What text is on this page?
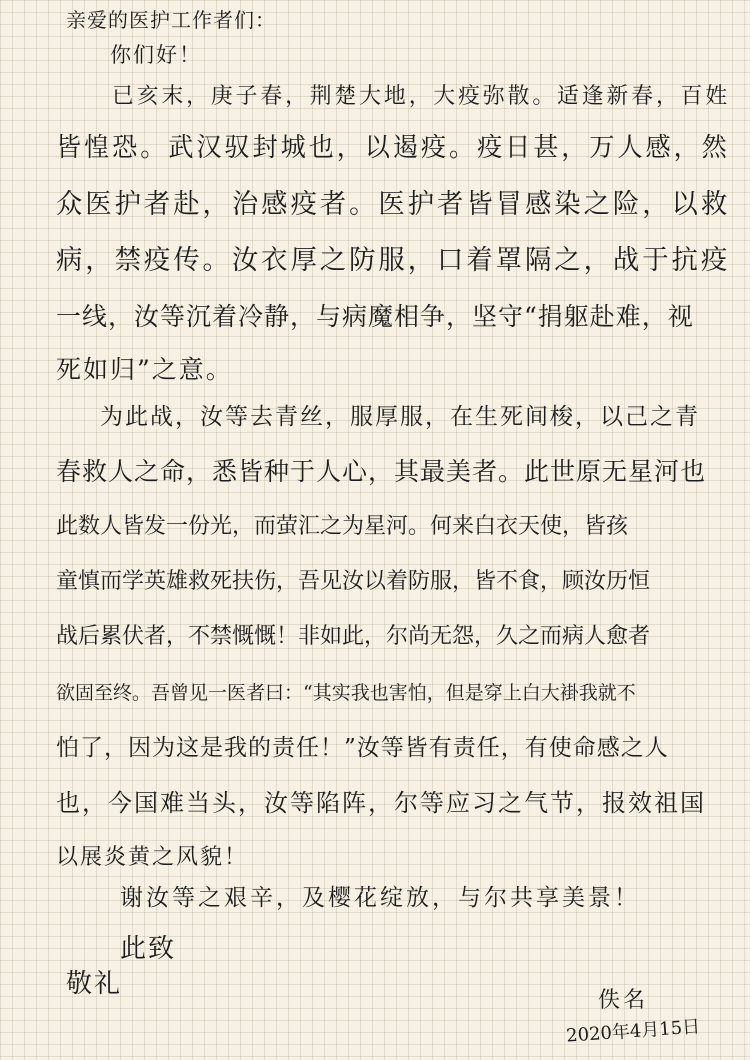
亲爱的医护工作者们：
你们好！
已亥末，庚子春，荆楚大地，大疫弥散。适逢新春，百姓
皆惶恐。武汉驭封城也，以遏疫。疫日甚，万人感，然
众医护者赴，治感疫者。医护者皆冒感染之险，以救
病，禁疫传。汝衣厚之防服，口着罩隔之，战于抗疫
一线，汝等沉着冷静，与病魔相争，坚守“捐躯赴难，视
死如归”之意。
为此战，汝等去青丝，服厚服，在生死间梭，以己之青
春救人之命，悉皆种于人心，其最美者。此世原无星河也
此数人皆发一份光，而萤汇之为星河。何来白衣天使，皆孩
童慎而学英雄救死扶伤，吾见汝以着防服，皆不食，顾汝历恒
战后累伏者，不禁慨慨！非如此，尔尚无怨，久之而病人愈者
欲固至终。吾曾见一医者曰：“其实我也害怕，但是穿上白大褂我就不
怕了，因为这是我的责任！”汝等皆有责任，有使命感之人
也，今国难当头，汝等陷阵，尔等应习之气节，报效祖国
以展炎黄之风貌！
谢汝等之艰辛，及樱花绽放，与尔共享美景！
此致
敬礼
佚名
2020年4月15日
